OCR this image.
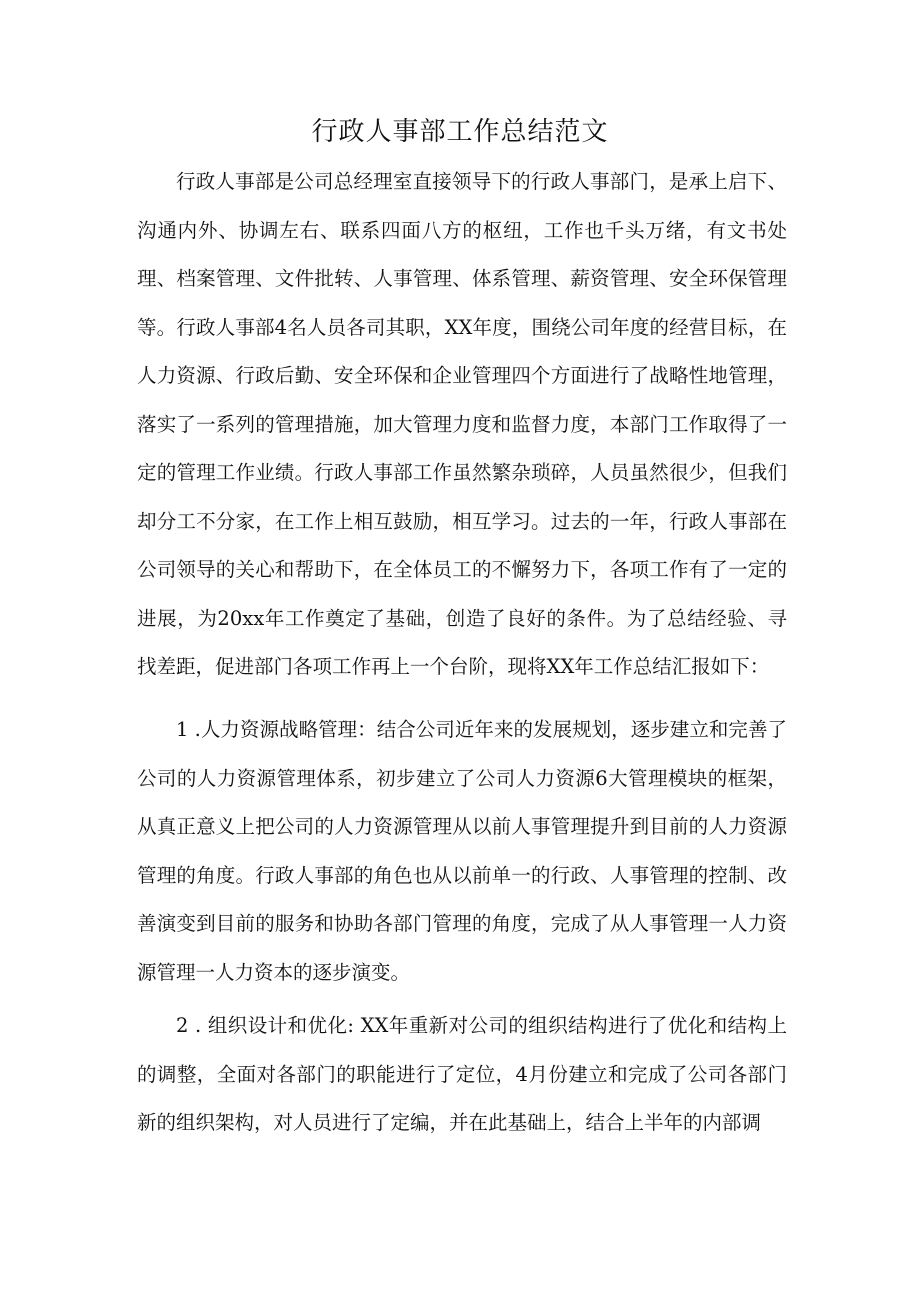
行政人事部工作总结范文

行政人事部是公司总经理室直接领导下的行政人事部门，是承上启下、沟通内外、协调左右、联系四面八方的枢纽，工作也千头万绪，有文书处理、档案管理、文件批转、人事管理、体系管理、薪资管理、安全环保管理等。行政人事部4名人员各司其职，XX年度，围绕公司年度的经营目标，在人力资源、行政后勤、安全环保和企业管理四个方面进行了战略性地管理，落实了一系列的管理措施，加大管理力度和监督力度，本部门工作取得了一定的管理工作业绩。行政人事部工作虽然繁杂琐碎，人员虽然很少，但我们却分工不分家，在工作上相互鼓励，相互学习。过去的一年，行政人事部在公司领导的关心和帮助下，在全体员工的不懈努力下，各项工作有了一定的进展，为20xx年工作奠定了基础，创造了良好的条件。为了总结经验、寻找差距，促进部门各项工作再上一个台阶，现将XX年工作总结汇报如下：

1 .人力资源战略管理：结合公司近年来的发展规划，逐步建立和完善了公司的人力资源管理体系，初步建立了公司人力资源6大管理模块的框架，从真正意义上把公司的人力资源管理从以前人事管理提升到目前的人力资源管理的角度。行政人事部的角色也从以前单一的行政、人事管理的控制、改善演变到目前的服务和协助各部门管理的角度，完成了从人事管理一人力资源管理一人力资本的逐步演变。

2 . 组织设计和优化: XX年重新对公司的组织结构进行了优化和结构上的调整，全面对各部门的职能进行了定位，4月份建立和完成了公司各部门新的组织架构，对人员进行了定编，并在此基础上，结合上半年的内部调
